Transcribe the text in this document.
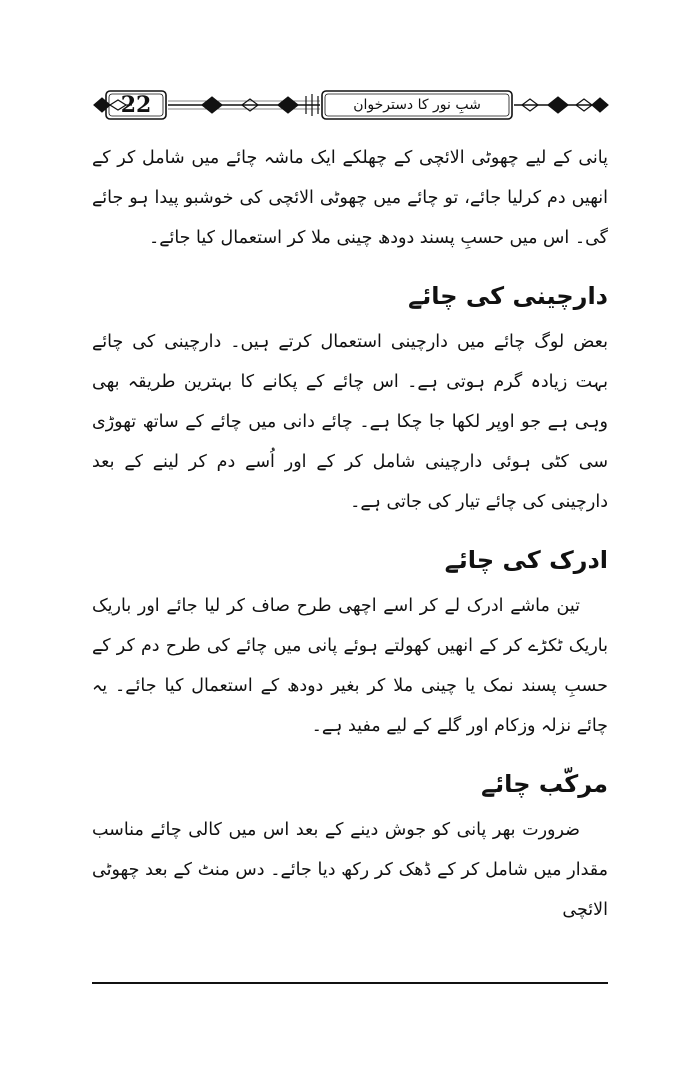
22	شبِ نور کا دسترخوان

پانی کے لیے چھوٹی الائچی کے چھلکے ایک ماشہ چائے میں شامل کر کے انھیں دم کرلیا جائے، تو چائے میں چھوٹی الائچی کی خوشبو پیدا ہو جائے گی۔ اس میں حسبِ پسند دودھ چینی ملا کر استعمال کیا جائے۔

دارچینی کی چائے

بعض لوگ چائے میں دارچینی استعمال کرتے ہیں۔ دارچینی کی چائے بہت زیادہ گرم ہوتی ہے۔ اس چائے کے پکانے کا بہترین طریقہ بھی وہی ہے جو اوپر لکھا جا چکا ہے۔ چائے دانی میں چائے کے ساتھ تھوڑی سی کٹی ہوئی دارچینی شامل کر کے اور اُسے دم کر لینے کے بعد دارچینی کی چائے تیار کی جاتی ہے۔

ادرک کی چائے

تین ماشے ادرک لے کر اسے اچھی طرح صاف کر لیا جائے اور باریک باریک ٹکڑے کر کے انھیں کھولتے ہوئے پانی میں چائے کی طرح دم کر کے حسبِ پسند نمک یا چینی ملا کر بغیر دودھ کے استعمال کیا جائے۔ یہ چائے نزلہ وزکام اور گلے کے لیے مفید ہے۔

مرکّب چائے

ضرورت بھر پانی کو جوش دینے کے بعد اس میں کالی چائے مناسب مقدار میں شامل کر کے ڈھک کر رکھ دیا جائے۔ دس منٹ کے بعد چھوٹی الائچی
